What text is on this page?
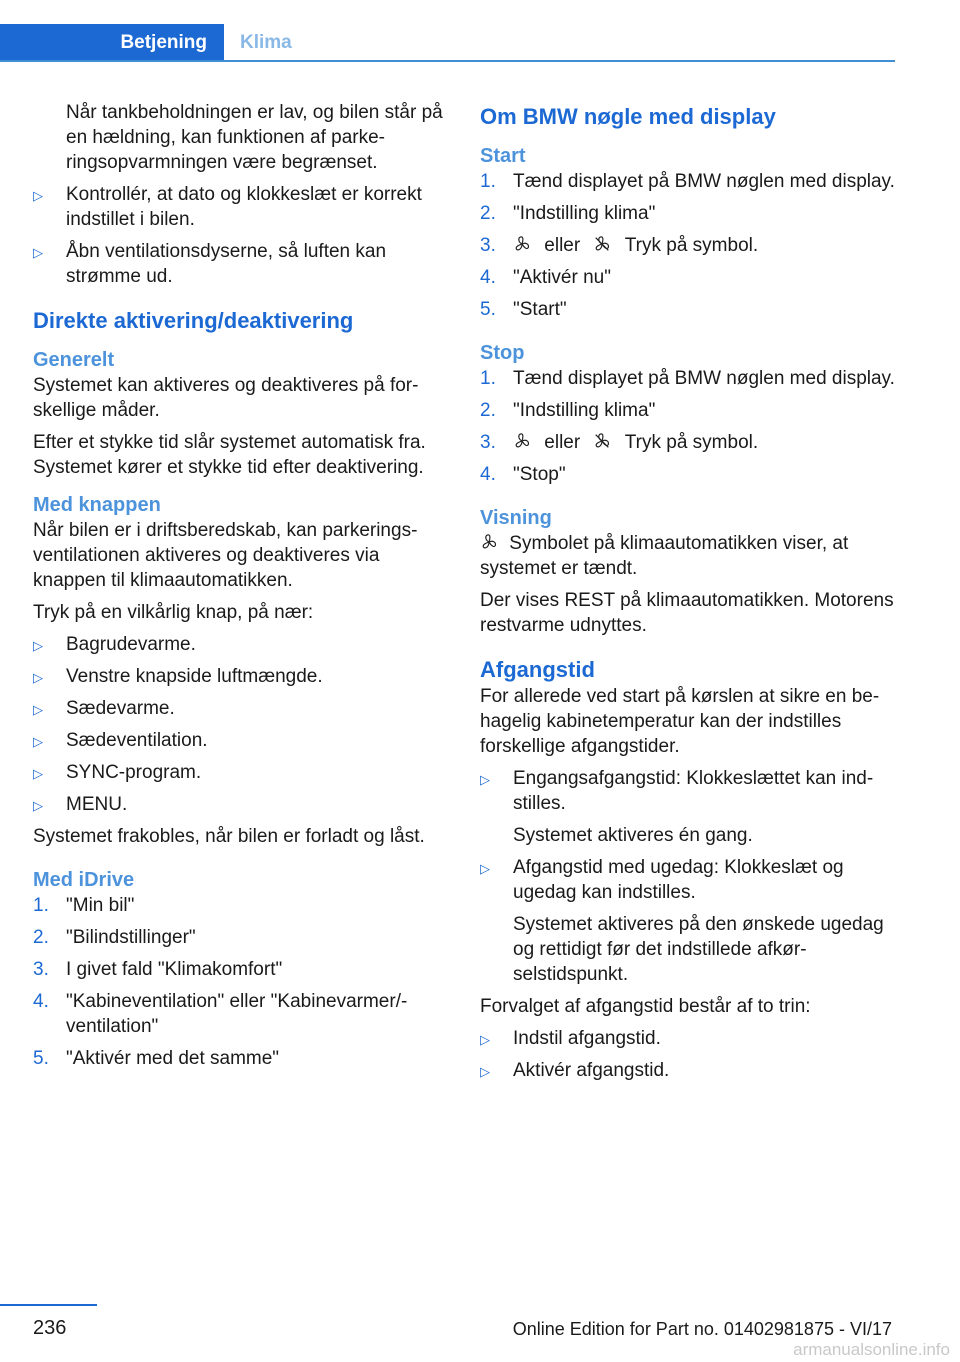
Betjening	Klima

Når tankbeholdningen er lav, og bilen står på en hældning, kan funktionen af parkeringsopvarmningen være begrænset.

▷ Kontrollér, at dato og klokkeslæt er korrekt indstillet i bilen.
▷ Åbn ventilationsdyserne, så luften kan strømme ud.
Direkte aktivering/deaktivering
Generelt

Systemet kan aktiveres og deaktiveres på forskellige måder.

Efter et stykke tid slår systemet automatisk fra. Systemet kører et stykke tid efter deaktivering.

Med knappen

Når bilen er i driftsberedskab, kan parkeringsventilationen aktiveres og deaktiveres via knappen til klimaautomatikken.

Tryk på en vilkårlig knap, på nær:

▷ Bagrudevarme.
▷ Venstre knapside luftmængde.
▷ Sædevarme.
▷ Sædeventilation.
▷ SYNC-program.
▷ MENU.

Systemet frakobles, når bilen er forladt og låst.

Med iDrive
1. "Min bil"
2. "Bilindstillinger"
3. I givet fald "Klimakomfort"
4. "Kabineventilation" eller "Kabinevarmer/ventilation"
5. "Aktivér med det samme"
Om BMW nøgle med display
Start
1. Tænd displayet på BMW nøglen med display.
2. "Indstilling klima"
3.	eller Tryk på symbol.
4. "Aktivér nu"
5. "Start"
Stop
1. Tænd displayet på BMW nøglen med display.
2. "Indstilling klima"
3.	eller Tryk på symbol.
4. "Stop"
Visning

Symbolet på klimaautomatikken viser, at systemet er tændt.

Der vises REST på klimaautomatikken. Motorens restvarme udnyttes.

Afgangstid

For allerede ved start på kørslen at sikre en behagelig kabinetemperatur kan der indstilles forskellige afgangstider.

▷ Engangsafgangstid: Klokkeslættet kan indstilles.
Systemet aktiveres én gang.
▷ Afgangstid med ugedag: Klokkeslæt og ugedag kan indstilles.
Systemet aktiveres på den ønskede ugedag og rettidigt før det indstillede afkørselstidspunkt.

Forvalget af afgangstid består af to trin:

▷ Indstil afgangstid.
▷ Aktivér afgangstid.
236	Online Edition for Part no. 01402981875 - VI/17
armanualsonline.info
